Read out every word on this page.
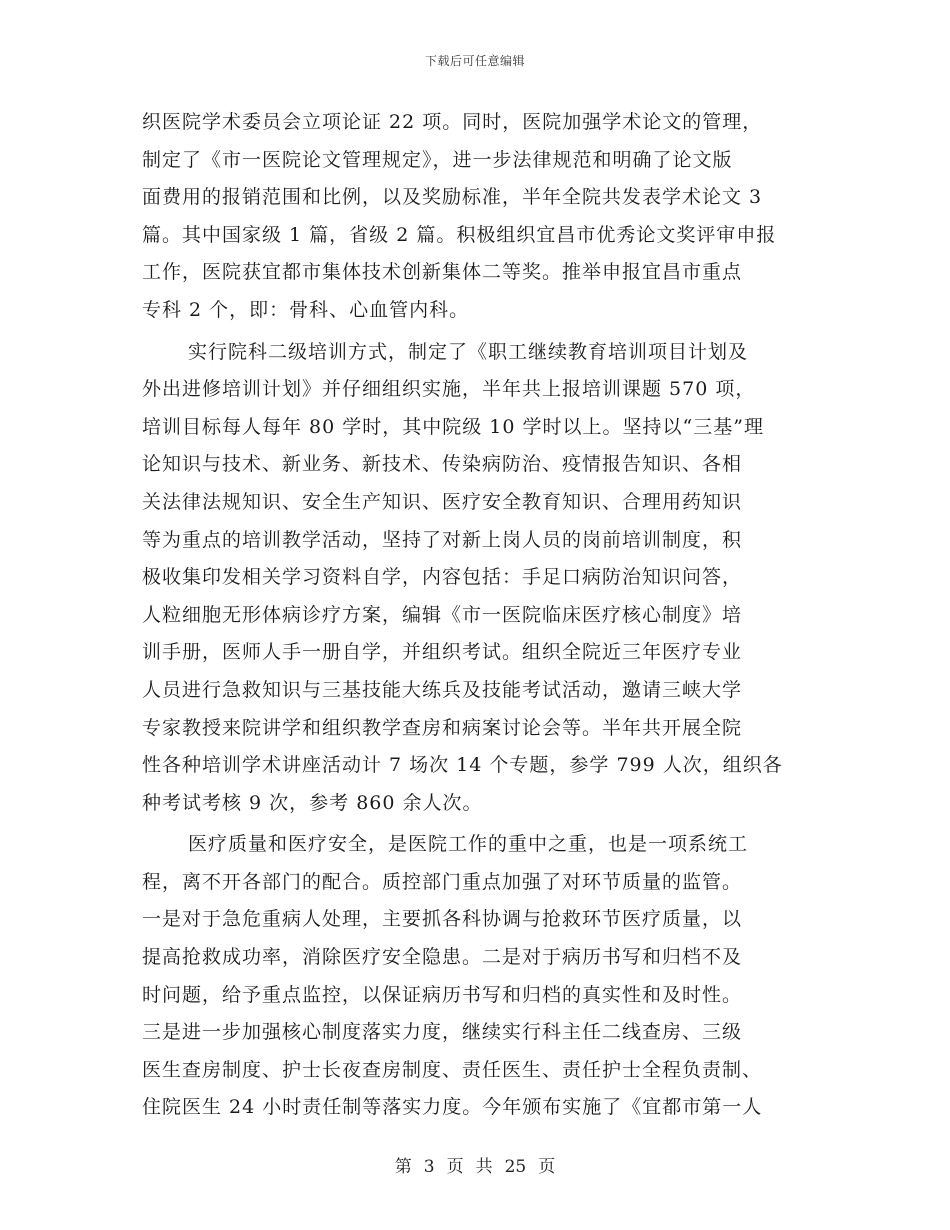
下载后可任意编辑
织医院学术委员会立项论证 22 项。同时，医院加强学术论文的管理，
制定了《市一医院论文管理规定》，进一步法律规范和明确了论文版
面费用的报销范围和比例，以及奖励标准，半年全院共发表学术论文 3
篇。其中国家级 1 篇，省级 2 篇。积极组织宜昌市优秀论文奖评审申报
工作，医院获宜都市集体技术创新集体二等奖。推举申报宜昌市重点
专科 2 个，即：骨科、心血管内科。
实行院科二级培训方式，制定了《职工继续教育培训项目计划及
外出进修培训计划》并仔细组织实施，半年共上报培训课题 570 项，
培训目标每人每年 80 学时，其中院级 10 学时以上。坚持以“三基”理
论知识与技术、新业务、新技术、传染病防治、疫情报告知识、各相
关法律法规知识、安全生产知识、医疗安全教育知识、合理用药知识
等为重点的培训教学活动，坚持了对新上岗人员的岗前培训制度，积
极收集印发相关学习资料自学，内容包括：手足口病防治知识问答，
人粒细胞无形体病诊疗方案，编辑《市一医院临床医疗核心制度》培
训手册，医师人手一册自学，并组织考试。组织全院近三年医疗专业
人员进行急救知识与三基技能大练兵及技能考试活动，邀请三峡大学
专家教授来院讲学和组织教学查房和病案讨论会等。半年共开展全院
性各种培训学术讲座活动计 7 场次 14 个专题，参学 799 人次，组织各
种考试考核 9 次，参考 860 余人次。
医疗质量和医疗安全，是医院工作的重中之重，也是一项系统工
程，离不开各部门的配合。质控部门重点加强了对环节质量的监管。
一是对于急危重病人处理，主要抓各科协调与抢救环节医疗质量，以
提高抢救成功率，消除医疗安全隐患。二是对于病历书写和归档不及
时问题，给予重点监控，以保证病历书写和归档的真实性和及时性。
三是进一步加强核心制度落实力度，继续实行科主任二线查房、三级
医生查房制度、护士长夜查房制度、责任医生、责任护士全程负责制、
住院医生 24 小时责任制等落实力度。今年颁布实施了《宜都市第一人
第 3 页 共 25 页
